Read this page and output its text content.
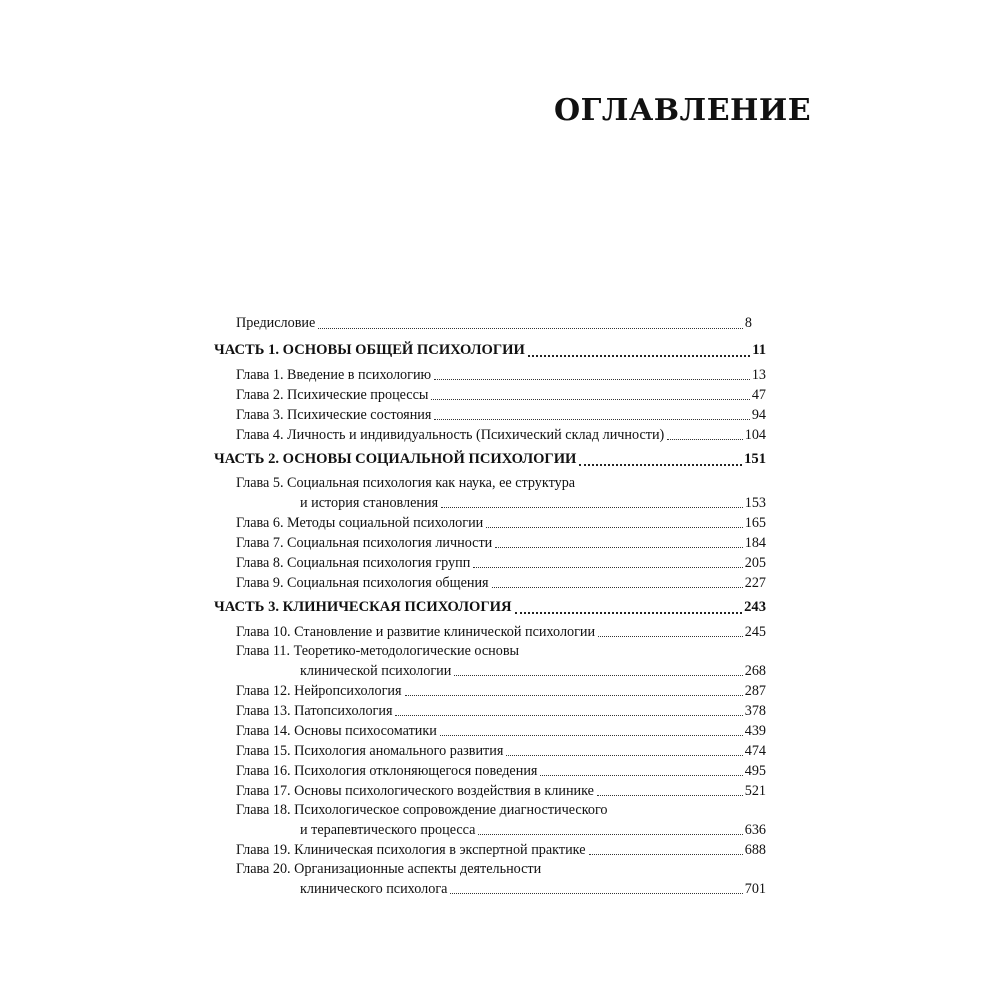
ОГЛАВЛЕНИЕ
Предисловие	8
ЧАСТЬ 1. ОСНОВЫ ОБЩЕЙ ПСИХОЛОГИИ	11
Глава 1. Введение в психологию	13
Глава 2. Психические процессы	47
Глава 3. Психические состояния	94
Глава 4. Личность и индивидуальность (Психический склад личности)	104
ЧАСТЬ 2. ОСНОВЫ СОЦИАЛЬНОЙ ПСИХОЛОГИИ	151
Глава 5. Социальная психология как наука, ее структура
и история становления	153
Глава 6. Методы социальной психологии	165
Глава 7. Социальная психология личности	184
Глава 8. Социальная психология групп	205
Глава 9. Социальная психология общения	227
ЧАСТЬ 3. КЛИНИЧЕСКАЯ ПСИХОЛОГИЯ	243
Глава 10. Становление и развитие клинической психологии	245
Глава 11. Теоретико-методологические основы
клинической психологии	268
Глава 12. Нейропсихология	287
Глава 13. Патопсихология	378
Глава 14. Основы психосоматики	439
Глава 15. Психология аномального развития	474
Глава 16. Психология отклоняющегося поведения	495
Глава 17. Основы психологического воздействия в клинике	521
Глава 18. Психологическое сопровождение диагностического
и терапевтического процесса	636
Глава 19. Клиническая психология в экспертной практике	688
Глава 20. Организационные аспекты деятельности
клинического психолога	701
